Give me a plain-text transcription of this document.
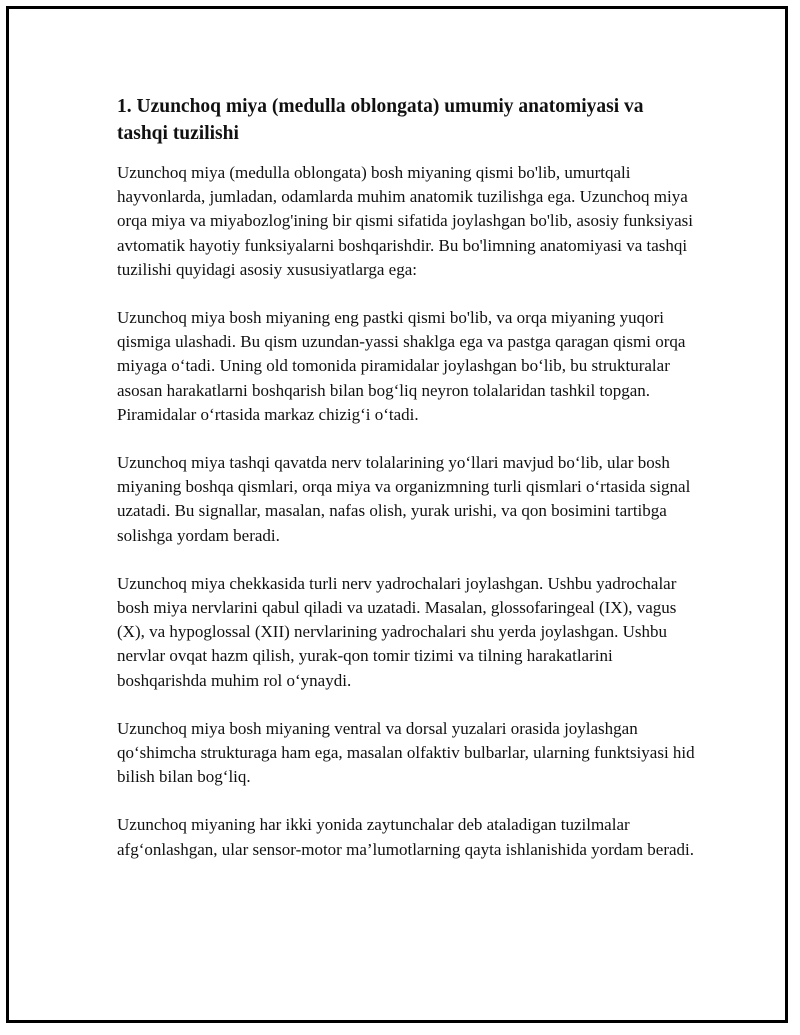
1. Uzunchoq miya (medulla oblongata) umumiy anatomiyasi va tashqi tuzilishi

Uzunchoq miya (medulla oblongata) bosh miyaning qismi bo'lib, umurtqali hayvonlarda, jumladan, odamlarda muhim anatomik tuzilishga ega. Uzunchoq miya orqa miya va miyabozlog'ining bir qismi sifatida joylashgan bo'lib, asosiy funksiyasi avtomatik hayotiy funksiyalarni boshqarishdir. Bu bo'limning anatomiyasi va tashqi tuzilishi quyidagi asosiy xususiyatlarga ega:

Uzunchoq miya bosh miyaning eng pastki qismi bo'lib, va orqa miyaning yuqori qismiga ulashadi. Bu qism uzundan-yassi shaklga ega va pastga qaragan qismi orqa miyaga o‘tadi. Uning old tomonida piramidalar joylashgan bo‘lib, bu strukturalar asosan harakatlarni boshqarish bilan bog‘liq neyron tolalaridan tashkil topgan. Piramidalar o‘rtasida markaz chizig‘i o‘tadi.

Uzunchoq miya tashqi qavatda nerv tolalarining yo‘llari mavjud bo‘lib, ular bosh miyaning boshqa qismlari, orqa miya va organizmning turli qismlari o‘rtasida signal uzatadi. Bu signallar, masalan, nafas olish, yurak urishi, va qon bosimini tartibga solishga yordam beradi.

Uzunchoq miya chekkasida turli nerv yadrochalari joylashgan. Ushbu yadrochalar bosh miya nervlarini qabul qiladi va uzatadi. Masalan, glossofaringeal (IX), vagus (X), va hypoglossal (XII) nervlarining yadrochalari shu yerda joylashgan. Ushbu nervlar ovqat hazm qilish, yurak-qon tomir tizimi va tilning harakatlarini boshqarishda muhim rol o‘ynaydi.

Uzunchoq miya bosh miyaning ventral va dorsal yuzalari orasida joylashgan qo‘shimcha strukturaga ham ega, masalan olfaktiv bulbarlar, ularning funktsiyasi hid bilish bilan bog‘liq.

Uzunchoq miyaning har ikki yonida zaytunchalar deb ataladigan tuzilmalar afg‘onlashgan, ular sensor-motor ma’lumotlarning qayta ishlanishida yordam beradi.
